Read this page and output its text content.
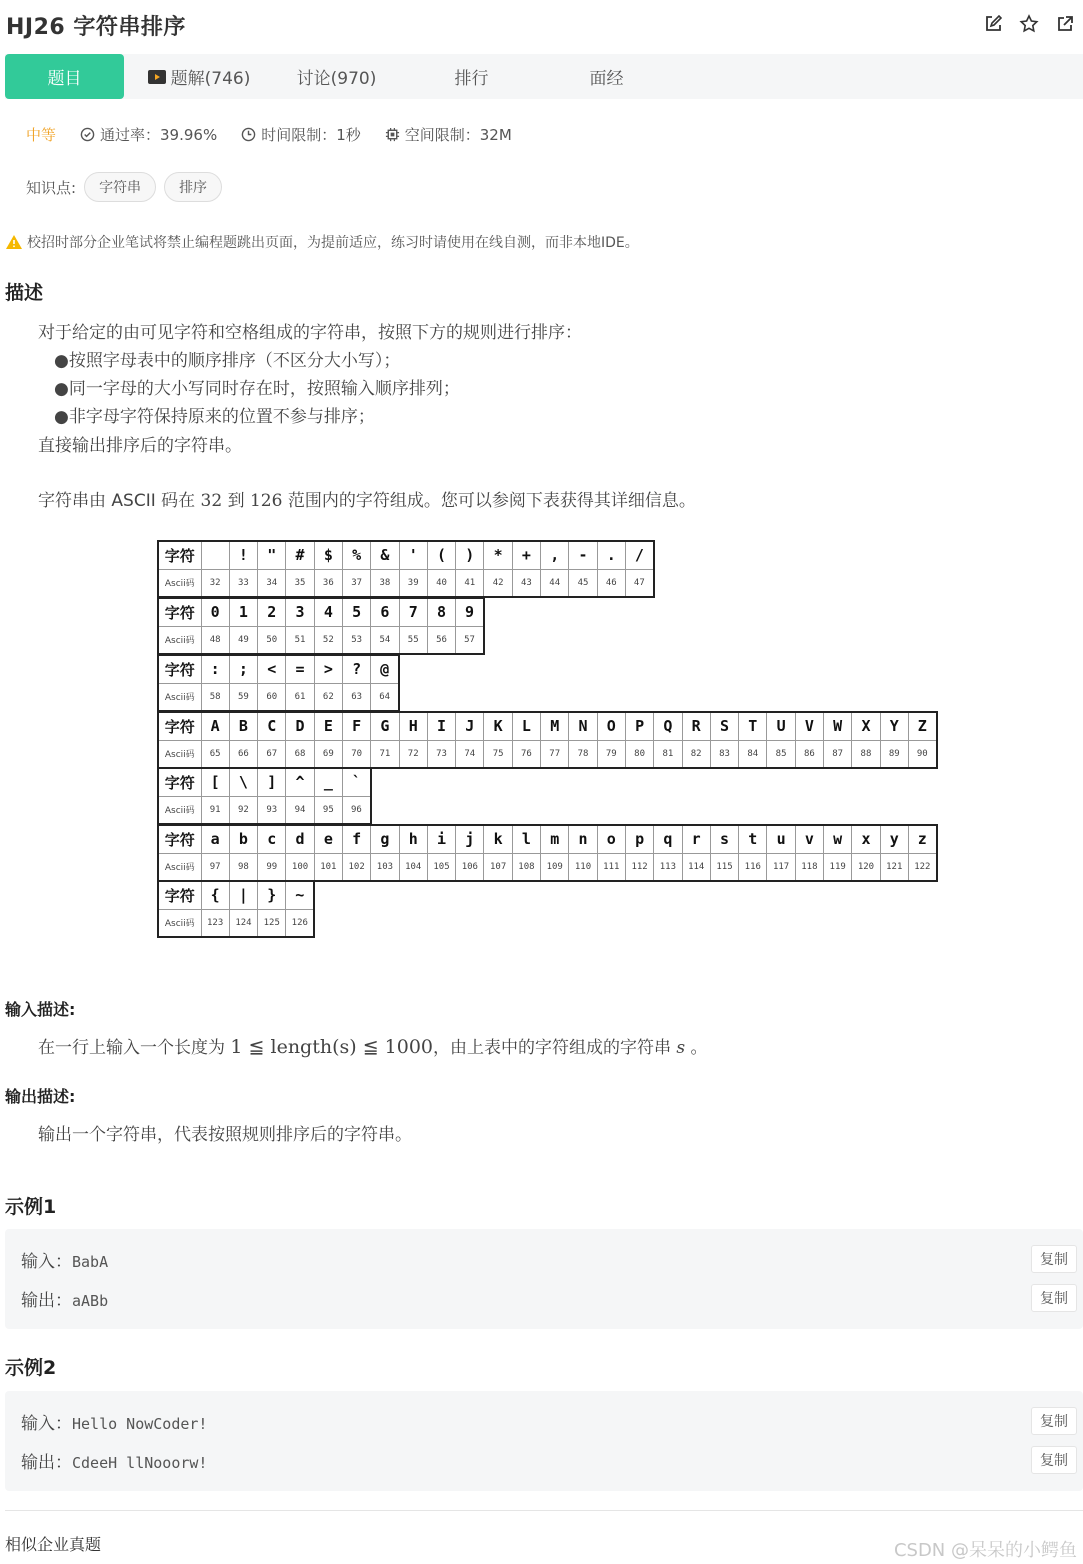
HJ26 字符串排序
题目	题解(746)	讨论(970)	排行	面经
中等	通过率：39.96%	时间限制：1秒	空间限制：32M
知识点:	字符串	排序
校招时部分企业笔试将禁止编程题跳出页面，为提前适应，练习时请使用在线自测，而非本地IDE。
描述
对于给定的由可见字符和空格组成的字符串，按照下方的规则进行排序：
●按照字母表中的顺序排序（不区分大小写）；
●同一字母的大小写同时存在时，按照输入顺序排列；
●非字母字符保持原来的位置不参与排序；
直接输出排序后的字符串。
字符串由 ASCII 码在 32 到 126 范围内的字符组成。您可以参阅下表获得其详细信息。
字符		!	"	#	$	%	&	'	(	)	*	+	,	-	.	/
Ascii码	32	33	34	35	36	37	38	39	40	41	42	43	44	45	46	47
字符	0	1	2	3	4	5	6	7	8	9
Ascii码	48	49	50	51	52	53	54	55	56	57
字符	:	;	<	=	>	?	@
Ascii码	58	59	60	61	62	63	64
字符	A	B	C	D	E	F	G	H	I	J	K	L	M	N	O	P	Q	R	S	T	U	V	W	X	Y	Z
Ascii码	65	66	67	68	69	70	71	72	73	74	75	76	77	78	79	80	81	82	83	84	85	86	87	88	89	90
字符	[	\	]	^	_	`
Ascii码	91	92	93	94	95	96
字符	a	b	c	d	e	f	g	h	i	j	k	l	m	n	o	p	q	r	s	t	u	v	w	x	y	z
Ascii码	97	98	99	100	101	102	103	104	105	106	107	108	109	110	111	112	113	114	115	116	117	118	119	120	121	122
字符	{	|	}	~
Ascii码	123	124	125	126
输入描述:
在一行上输入一个长度为 1 ≦ length(s) ≦ 1000，由上表中的字符组成的字符串 s 。
输出描述:
输出一个字符串，代表按照规则排序后的字符串。
示例1
输入：BabA	复制
输出：aABb	复制
示例2
输入：Hello NowCoder!	复制
输出：CdeeH llNooorw!	复制
相似企业真题	CSDN @呆呆的小鳄鱼
